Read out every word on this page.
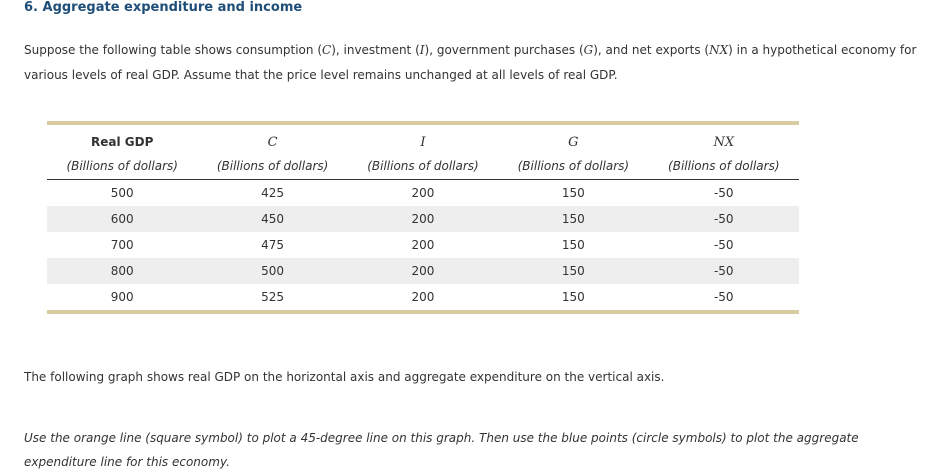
6. Aggregate expenditure and income
Suppose the following table shows consumption (C), investment (I), government purchases (G), and net exports (NX) in a hypothetical economy for various levels of real GDP. Assume that the price level remains unchanged at all levels of real GDP.
Real GDP	C	I	G	NX
(Billions of dollars)	(Billions of dollars)	(Billions of dollars)	(Billions of dollars)	(Billions of dollars)
500	425	200	150	-50
600	450	200	150	-50
700	475	200	150	-50
800	500	200	150	-50
900	525	200	150	-50
The following graph shows real GDP on the horizontal axis and aggregate expenditure on the vertical axis.
Use the orange line (square symbol) to plot a 45-degree line on this graph. Then use the blue points (circle symbols) to plot the aggregate expenditure line for this economy.
